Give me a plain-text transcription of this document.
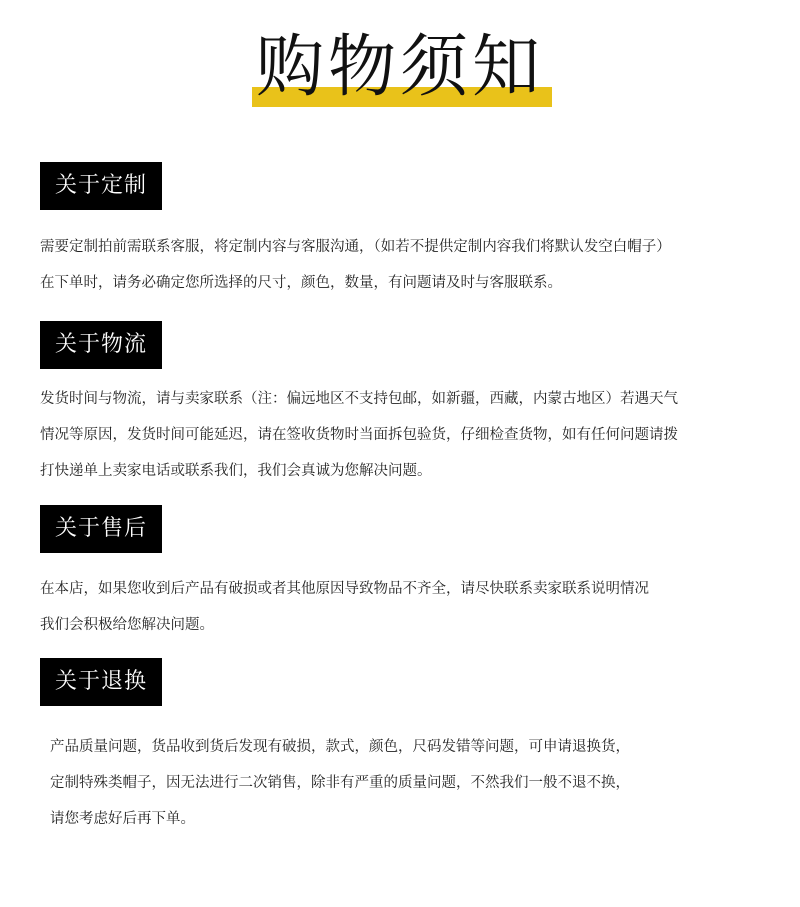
购物须知
关于定制
需要定制拍前需联系客服，将定制内容与客服沟通，（如若不提供定制内容我们将默认发空白帽子）
在下单时，请务必确定您所选择的尺寸，颜色，数量，有问题请及时与客服联系。
关于物流
发货时间与物流，请与卖家联系（注：偏远地区不支持包邮，如新疆，西藏，内蒙古地区）若遇天气
情况等原因，发货时间可能延迟，请在签收货物时当面拆包验货，仔细检查货物，如有任何问题请拨
打快递单上卖家电话或联系我们，我们会真诚为您解决问题。
关于售后
在本店，如果您收到后产品有破损或者其他原因导致物品不齐全，请尽快联系卖家联系说明情况
我们会积极给您解决问题。
关于退换
产品质量问题，货品收到货后发现有破损，款式，颜色，尺码发错等问题，可申请退换货，
定制特殊类帽子，因无法进行二次销售，除非有严重的质量问题，不然我们一般不退不换，
请您考虑好后再下单。
